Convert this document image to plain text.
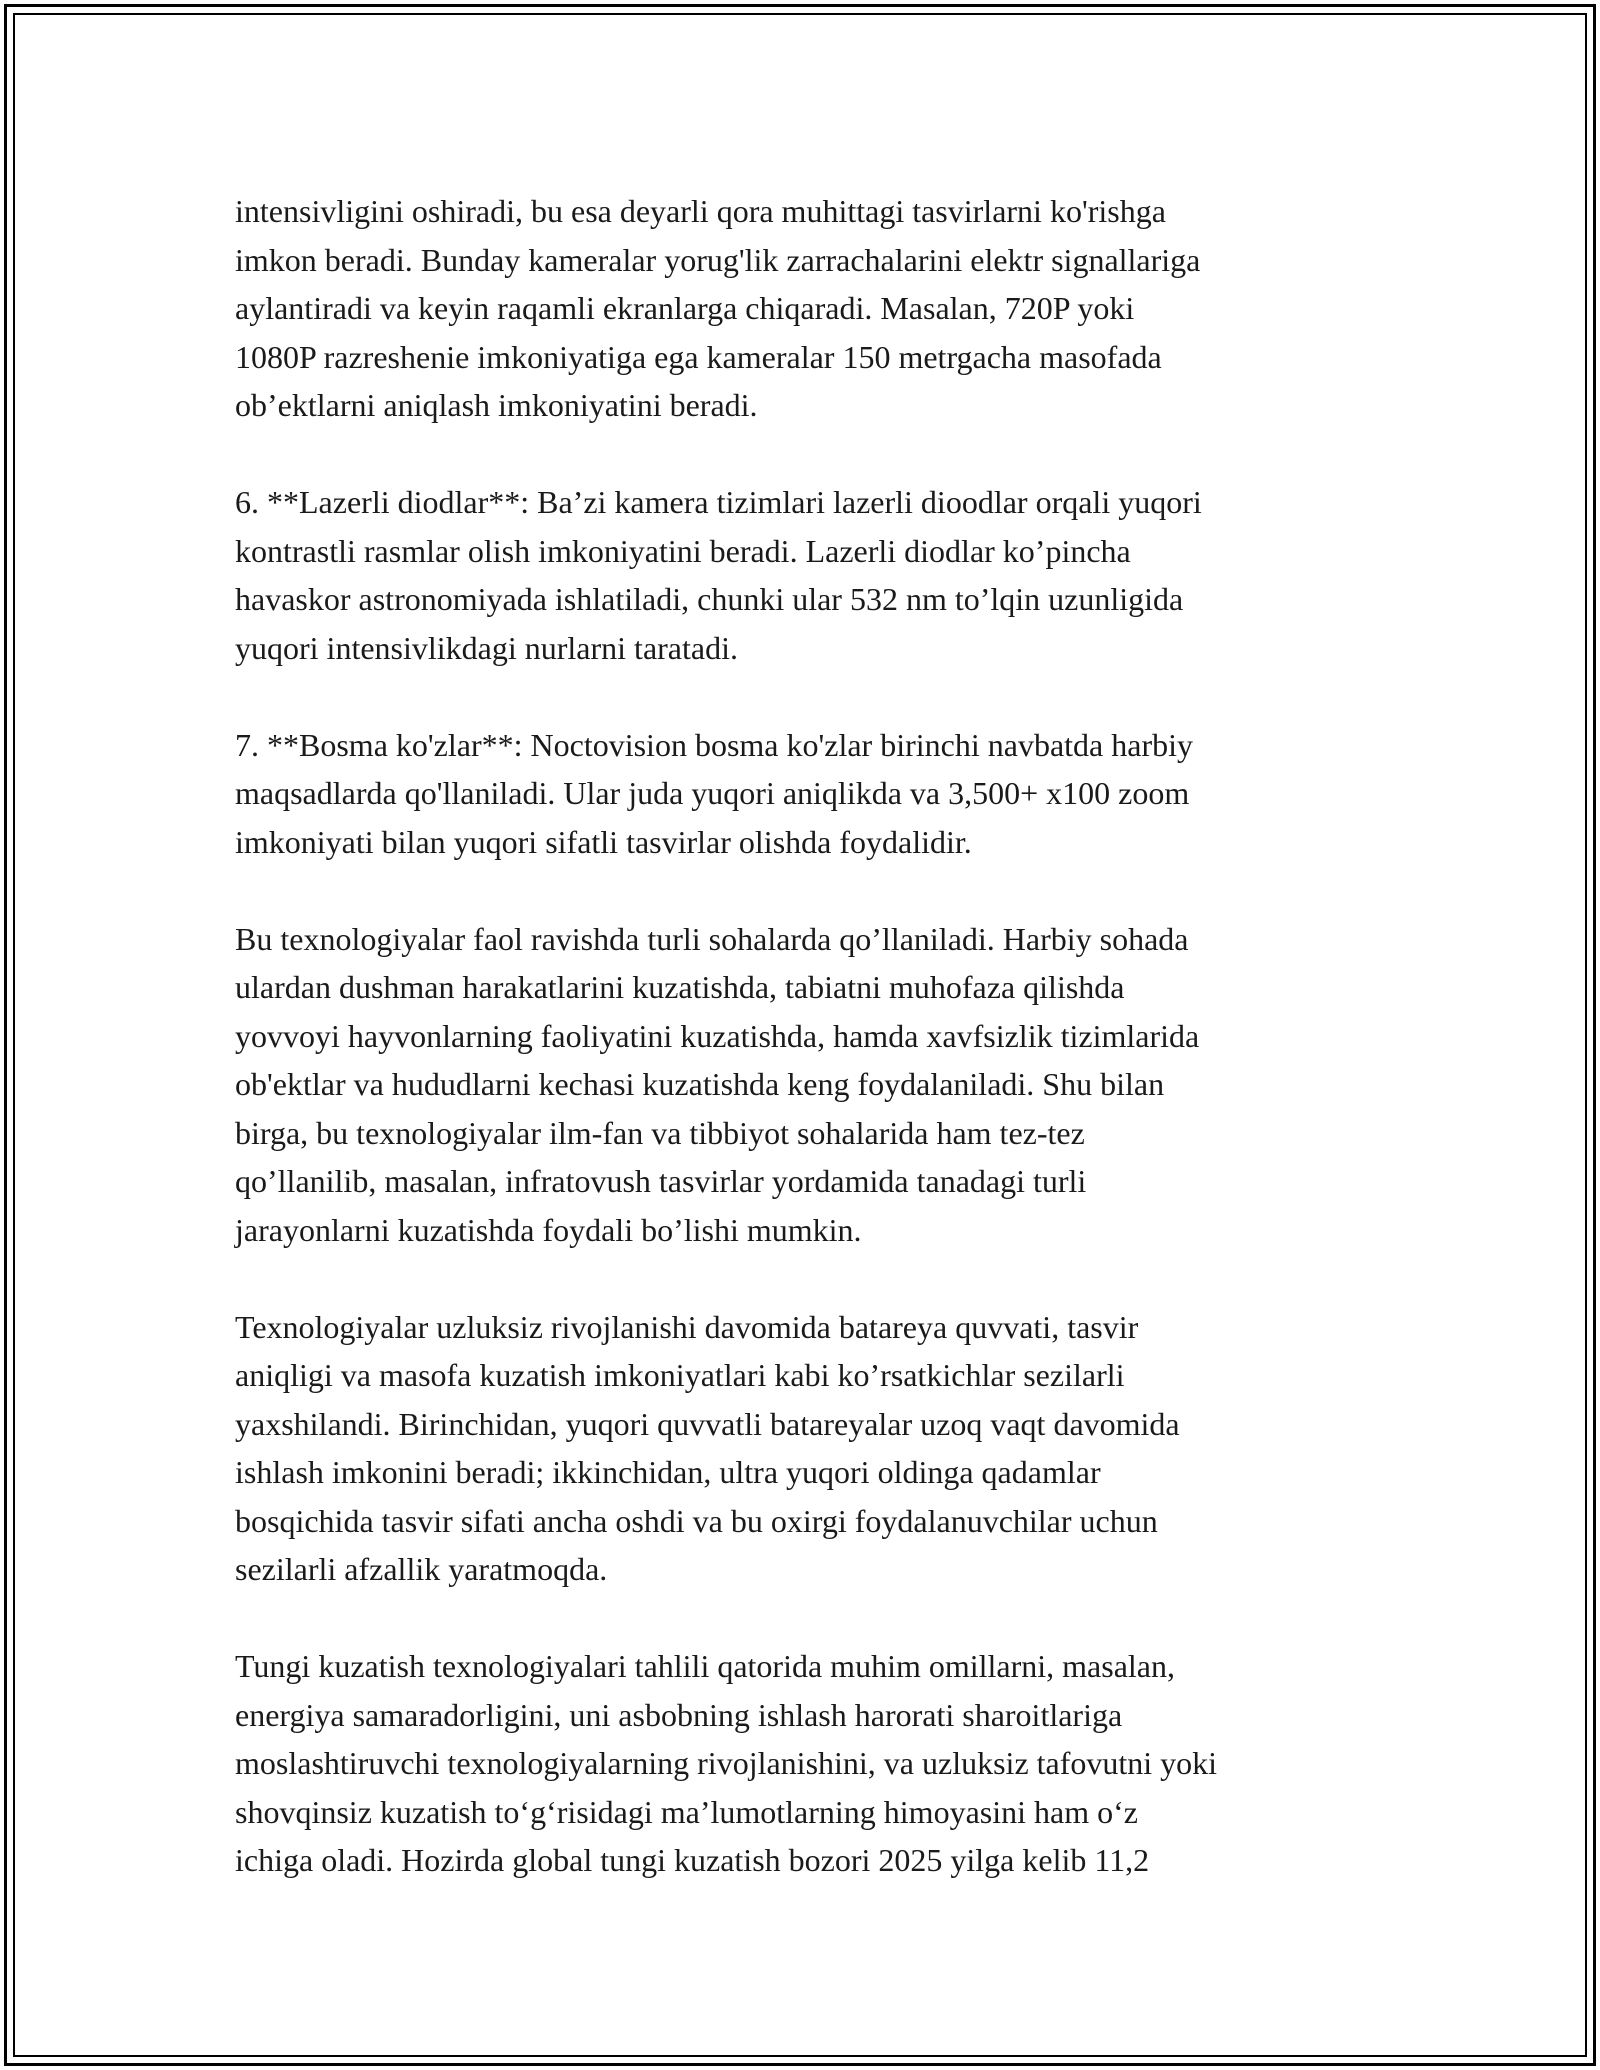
intensivligini oshiradi, bu esa deyarli qora muhittagi tasvirlarni ko'rishga
imkon beradi. Bunday kameralar yorug'lik zarrachalarini elektr signallariga
aylantiradi va keyin raqamli ekranlarga chiqaradi. Masalan, 720P yoki
1080P razreshenie imkoniyatiga ega kameralar 150 metrgacha masofada
ob’ektlarni aniqlash imkoniyatini beradi.

6. **Lazerli diodlar**: Ba’zi kamera tizimlari lazerli dioodlar orqali yuqori
kontrastli rasmlar olish imkoniyatini beradi. Lazerli diodlar ko’pincha
havaskor astronomiyada ishlatiladi, chunki ular 532 nm to’lqin uzunligida
yuqori intensivlikdagi nurlarni taratadi.

7. **Bosma ko'zlar**: Noctovision bosma ko'zlar birinchi navbatda harbiy
maqsadlarda qo'llaniladi. Ular juda yuqori aniqlikda va 3,500+ x100 zoom
imkoniyati bilan yuqori sifatli tasvirlar olishda foydalidir.

Bu texnologiyalar faol ravishda turli sohalarda qo’llaniladi. Harbiy sohada
ulardan dushman harakatlarini kuzatishda, tabiatni muhofaza qilishda
yovvoyi hayvonlarning faoliyatini kuzatishda, hamda xavfsizlik tizimlarida
ob'ektlar va hududlarni kechasi kuzatishda keng foydalaniladi. Shu bilan
birga, bu texnologiyalar ilm-fan va tibbiyot sohalarida ham tez-tez
qo’llanilib, masalan, infratovush tasvirlar yordamida tanadagi turli
jarayonlarni kuzatishda foydali bo’lishi mumkin.

Texnologiyalar uzluksiz rivojlanishi davomida batareya quvvati, tasvir
aniqligi va masofa kuzatish imkoniyatlari kabi ko’rsatkichlar sezilarli
yaxshilandi. Birinchidan, yuqori quvvatli batareyalar uzoq vaqt davomida
ishlash imkonini beradi; ikkinchidan, ultra yuqori oldinga qadamlar
bosqichida tasvir sifati ancha oshdi va bu oxirgi foydalanuvchilar uchun
sezilarli afzallik yaratmoqda.

Tungi kuzatish texnologiyalari tahlili qatorida muhim omillarni, masalan,
energiya samaradorligini, uni asbobning ishlash harorati sharoitlariga
moslashtiruvchi texnologiyalarning rivojlanishini, va uzluksiz tafovutni yoki
shovqinsiz kuzatish to‘g‘risidagi ma’lumotlarning himoyasini ham o‘z
ichiga oladi. Hozirda global tungi kuzatish bozori 2025 yilga kelib 11,2
